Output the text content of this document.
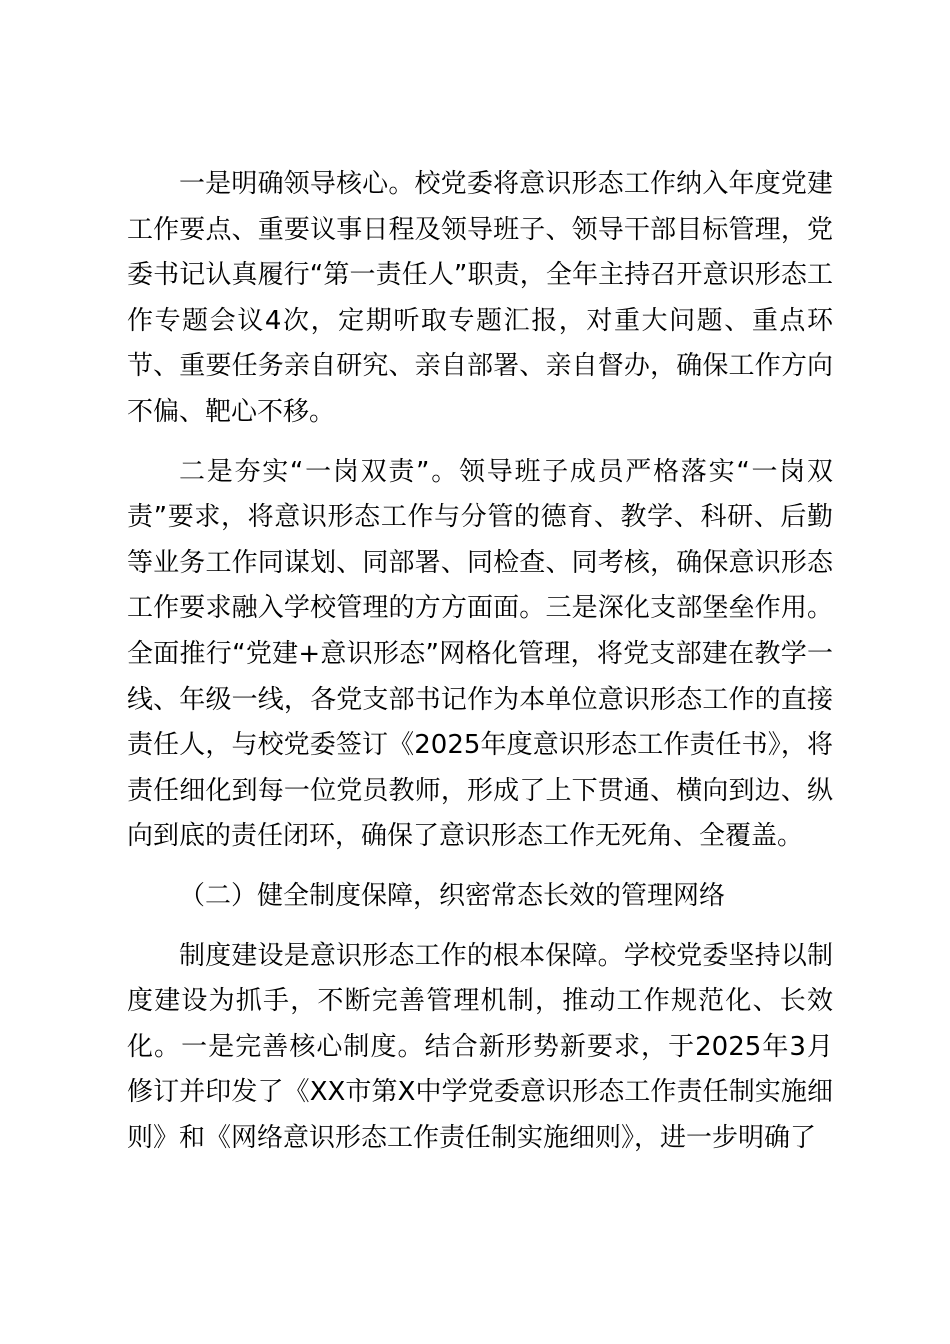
一是明确领导核心。校党委将意识形态工作纳入年度党建工作要点、重要议事日程及领导班子、领导干部目标管理，党委书记认真履行“第一责任人”职责，全年主持召开意识形态工作专题会议4次，定期听取专题汇报，对重大问题、重点环节、重要任务亲自研究、亲自部署、亲自督办，确保工作方向不偏、靶心不移。

二是夯实“一岗双责”。领导班子成员严格落实“一岗双责”要求，将意识形态工作与分管的德育、教学、科研、后勤等业务工作同谋划、同部署、同检查、同考核，确保意识形态工作要求融入学校管理的方方面面。三是深化支部堡垒作用。全面推行“党建+意识形态”网格化管理，将党支部建在教学一线、年级一线，各党支部书记作为本单位意识形态工作的直接责任人，与校党委签订《2025年度意识形态工作责任书》，将责任细化到每一位党员教师，形成了上下贯通、横向到边、纵向到底的责任闭环，确保了意识形态工作无死角、全覆盖。

（二）健全制度保障，织密常态长效的管理网络

制度建设是意识形态工作的根本保障。学校党委坚持以制度建设为抓手，不断完善管理机制，推动工作规范化、长效化。一是完善核心制度。结合新形势新要求，于2025年3月修订并印发了《XX市第X中学党委意识形态工作责任制实施细则》和《网络意识形态工作责任制实施细则》，进一步明确了
